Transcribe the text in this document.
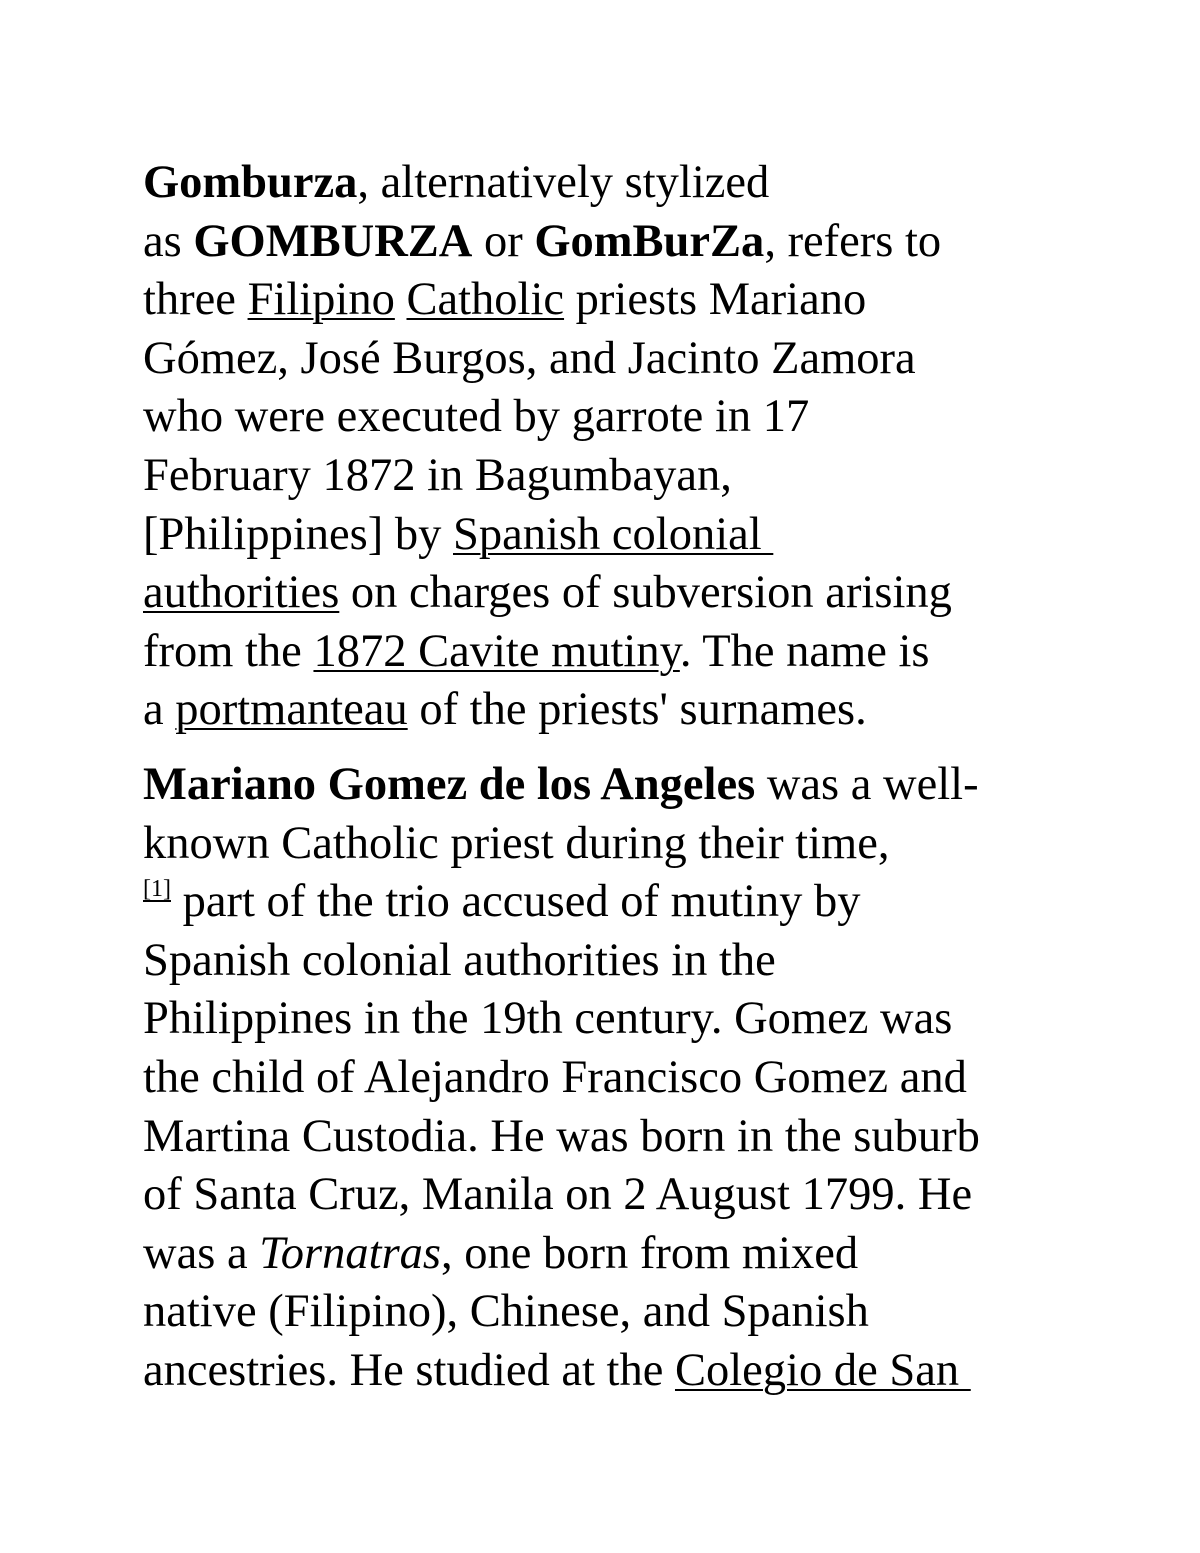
Gomburza, alternatively stylized
as GOMBURZA or GomBurZa, refers to
three Filipino Catholic priests Mariano
Gómez, José Burgos, and Jacinto Zamora
who were executed by garrote in 17
February 1872 in Bagumbayan,
[Philippines] by Spanish colonial
authorities on charges of subversion arising
from the 1872 Cavite mutiny. The name is
a portmanteau of the priests' surnames.
Mariano Gomez de los Angeles was a well-
known Catholic priest during their time,
[1] part of the trio accused of mutiny by
Spanish colonial authorities in the
Philippines in the 19th century. Gomez was
the child of Alejandro Francisco Gomez and
Martina Custodia. He was born in the suburb
of Santa Cruz, Manila on 2 August 1799. He
was a Tornatras, one born from mixed
native (Filipino), Chinese, and Spanish
ancestries. He studied at the Colegio de San
